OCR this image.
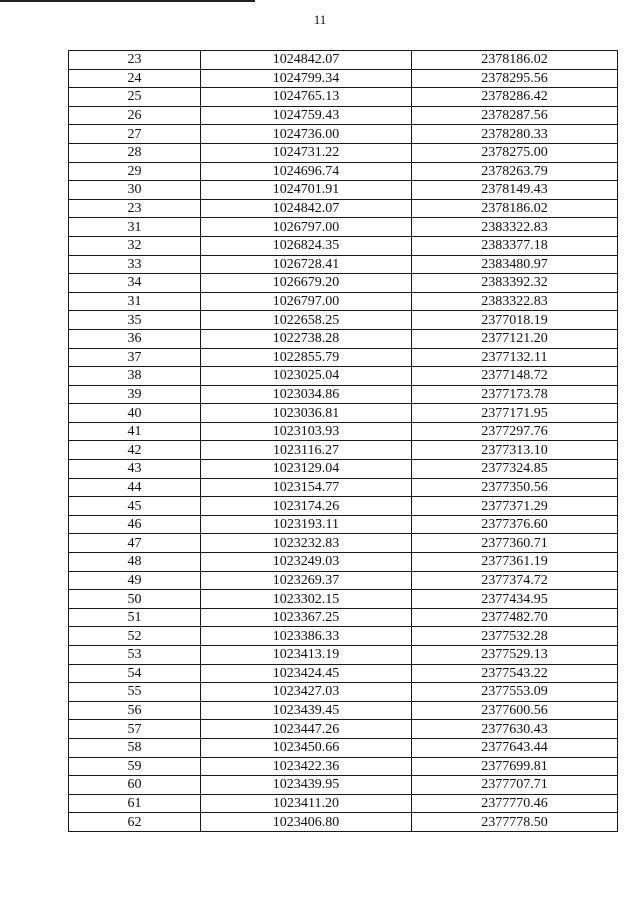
11
23	1024842.07	2378186.02
24	1024799.34	2378295.56
25	1024765.13	2378286.42
26	1024759.43	2378287.56
27	1024736.00	2378280.33
28	1024731.22	2378275.00
29	1024696.74	2378263.79
30	1024701.91	2378149.43
23	1024842.07	2378186.02
31	1026797.00	2383322.83
32	1026824.35	2383377.18
33	1026728.41	2383480.97
34	1026679.20	2383392.32
31	1026797.00	2383322.83
35	1022658.25	2377018.19
36	1022738.28	2377121.20
37	1022855.79	2377132.11
38	1023025.04	2377148.72
39	1023034.86	2377173.78
40	1023036.81	2377171.95
41	1023103.93	2377297.76
42	1023116.27	2377313.10
43	1023129.04	2377324.85
44	1023154.77	2377350.56
45	1023174.26	2377371.29
46	1023193.11	2377376.60
47	1023232.83	2377360.71
48	1023249.03	2377361.19
49	1023269.37	2377374.72
50	1023302.15	2377434.95
51	1023367.25	2377482.70
52	1023386.33	2377532.28
53	1023413.19	2377529.13
54	1023424.45	2377543.22
55	1023427.03	2377553.09
56	1023439.45	2377600.56
57	1023447.26	2377630.43
58	1023450.66	2377643.44
59	1023422.36	2377699.81
60	1023439.95	2377707.71
61	1023411.20	2377770.46
62	1023406.80	2377778.50
